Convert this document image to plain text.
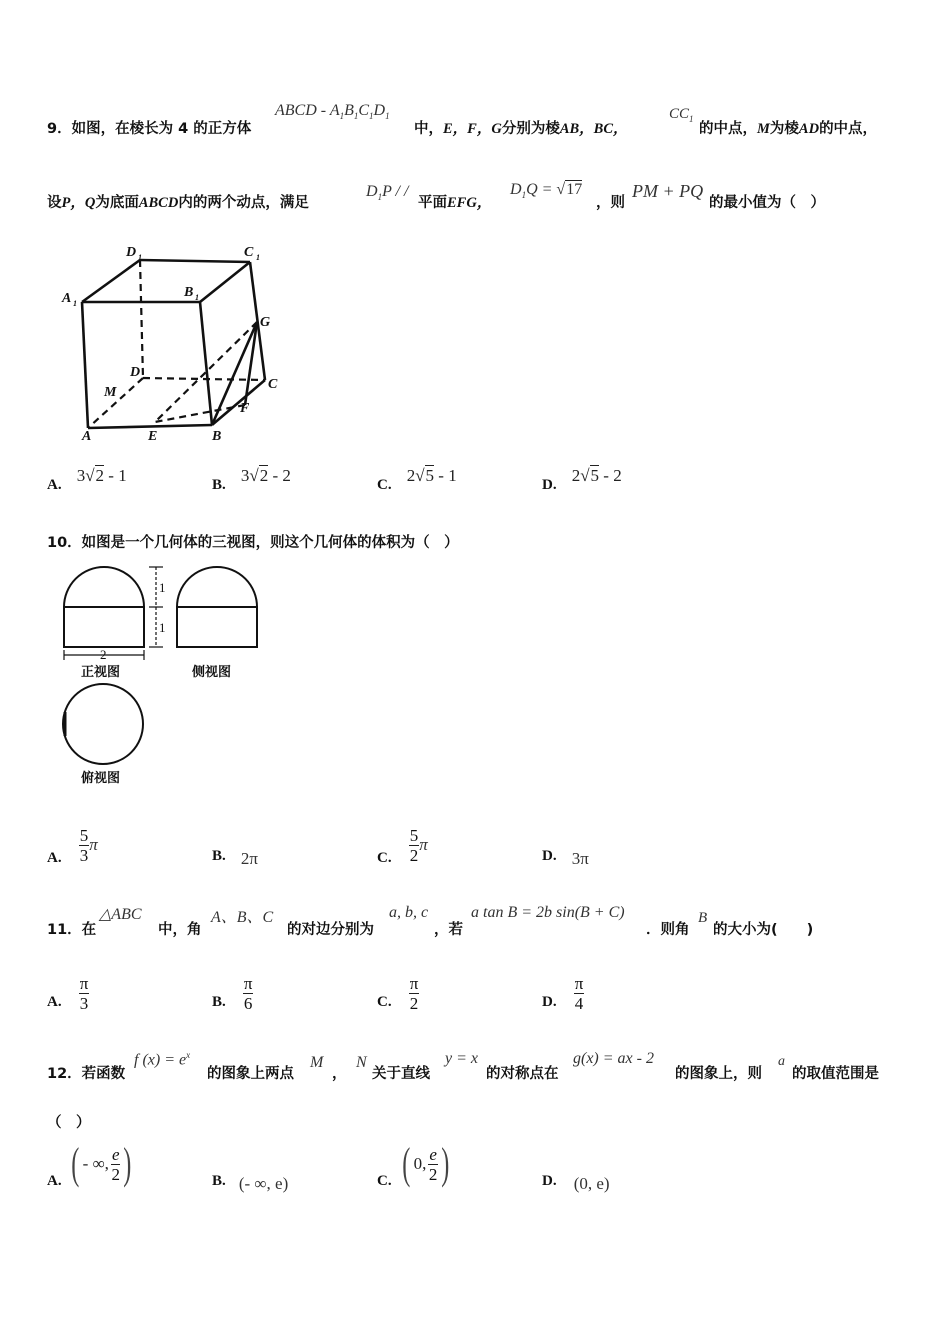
9．如图，在棱长为 4 的正方体
ABCD - $A_1B_1C_1D_1$
中，E，F，G分别为棱AB，BC，
$CC_1$
的中点，M为棱AD的中点，
设P，Q为底面ABCD内的两个动点，满足
$D_1P$ / /
平面EFG，
$D_1Q = √17$
，则
PM + PQ
的最小值为（　）
D 1	C 1
A 1
B 1
G
D
C
M
F
A	E	B
A. 3√2 - 1	B. 3√2 - 2	C. 2√5 - 1	D. 2√5 - 2
10．如图是一个几何体的三视图，则这个几何体的体积为（　）
1
1
2
正视图	侧视图
俯视图
A. $\frac{5}{3}$ π
B. 2π	C. $\frac{5}{2}$ π
D. 3π
11．在
△ABC
中，角
A、B、C
的对边分别为
a, b, c
，若
a tan B = 2b sin(B + C)
．则角
B
的大小为(　　)
A. $\frac{\pi}{3}$	B. $\frac{\pi}{6}$	C. $\frac{\pi}{2}$	D. $\frac{\pi}{4}$
12．若函数
f $(x) = e^x$
的图象上两点
M
，
N
关于直线
y = x
的对称点在
g(x) = ax - 2
的图象上，则
a
的取值范围是
（　）
A. ( - ∞, $\frac{e}{2}$ )	B. (- ∞, e)	C. ( 0, $\frac{e}{2}$ )	D. (0, e)
